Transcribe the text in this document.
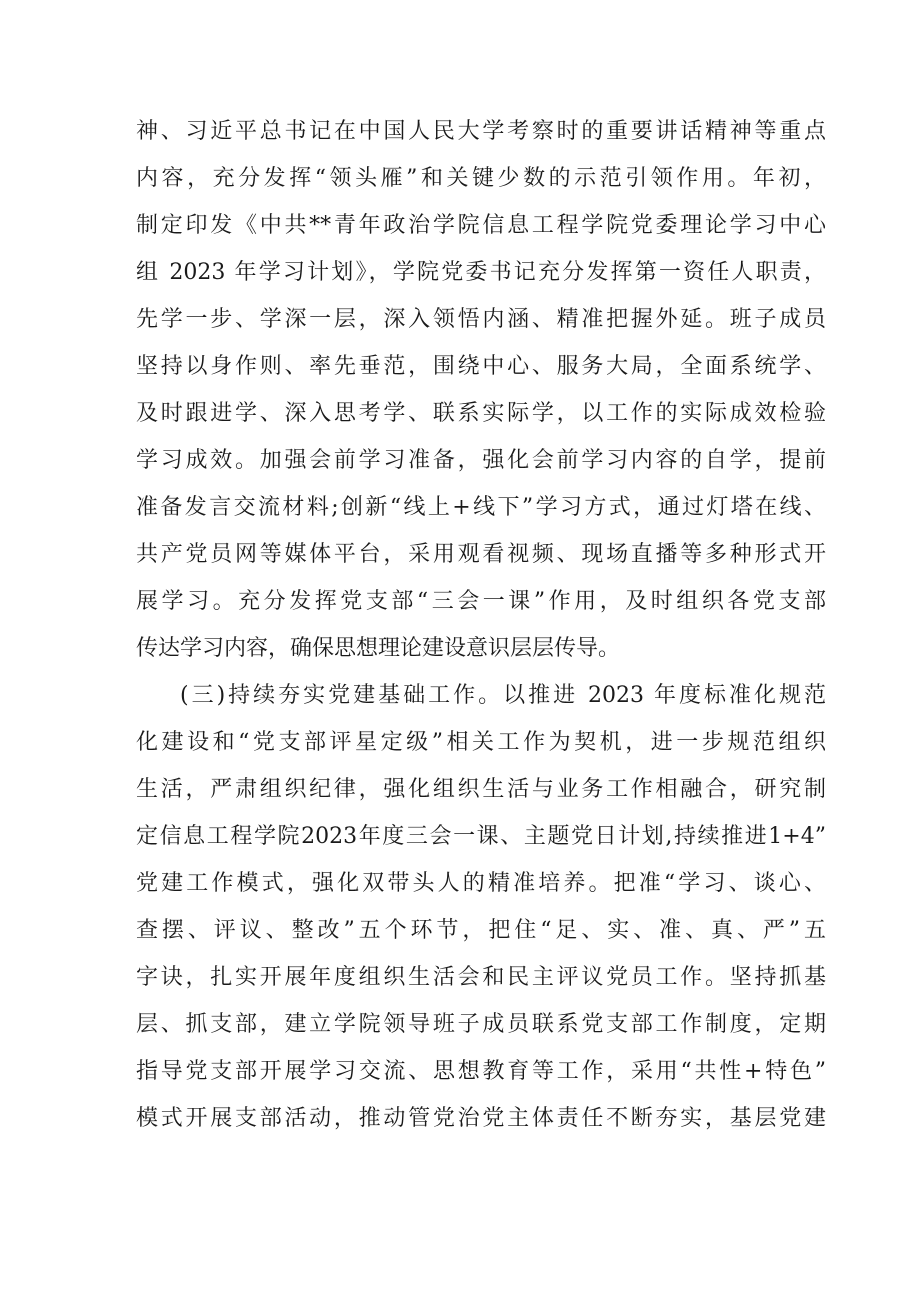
神、习近平总书记在中国人民大学考察时的重要讲话精神等重点
内容，充分发挥“领头雁”和关键少数的示范引领作用。年初，
制定印发《中共**青年政治学院信息工程学院党委理论学习中心
组 2023 年学习计划》，学院党委书记充分发挥第一资任人职责，
先学一步、学深一层，深入领悟内涵、精准把握外延。班子成员
坚持以身作则、率先垂范，围绕中心、服务大局，全面系统学、
及时跟进学、深入思考学、联系实际学，以工作的实际成效检验
学习成效。加强会前学习准备，强化会前学习内容的自学，提前
准备发言交流材料;创新“线上+线下”学习方式，通过灯塔在线、
共产党员网等媒体平台，采用观看视频、现场直播等多种形式开
展学习。充分发挥党支部“三会一课”作用，及时组织各党支部
传达学习内容，确保思想理论建设意识层层传导。
(三)持续夯实党建基础工作。以推进 2023 年度标准化规范
化建设和“党支部评星定级”相关工作为契机，进一步规范组织
生活，严肃组织纪律，强化组织生活与业务工作相融合，研究制
定信息工程学院2023年度三会一课、主题党日计划,持续推进1+4”
党建工作模式，强化双带头人的精准培养。把准“学习、谈心、
查摆、评议、整改”五个环节，把住“足、实、准、真、严”五
字诀，扎实开展年度组织生活会和民主评议党员工作。坚持抓基
层、抓支部，建立学院领导班子成员联系党支部工作制度，定期
指导党支部开展学习交流、思想教育等工作，采用“共性+特色”
模式开展支部活动，推动管党治党主体责任不断夯实，基层党建
